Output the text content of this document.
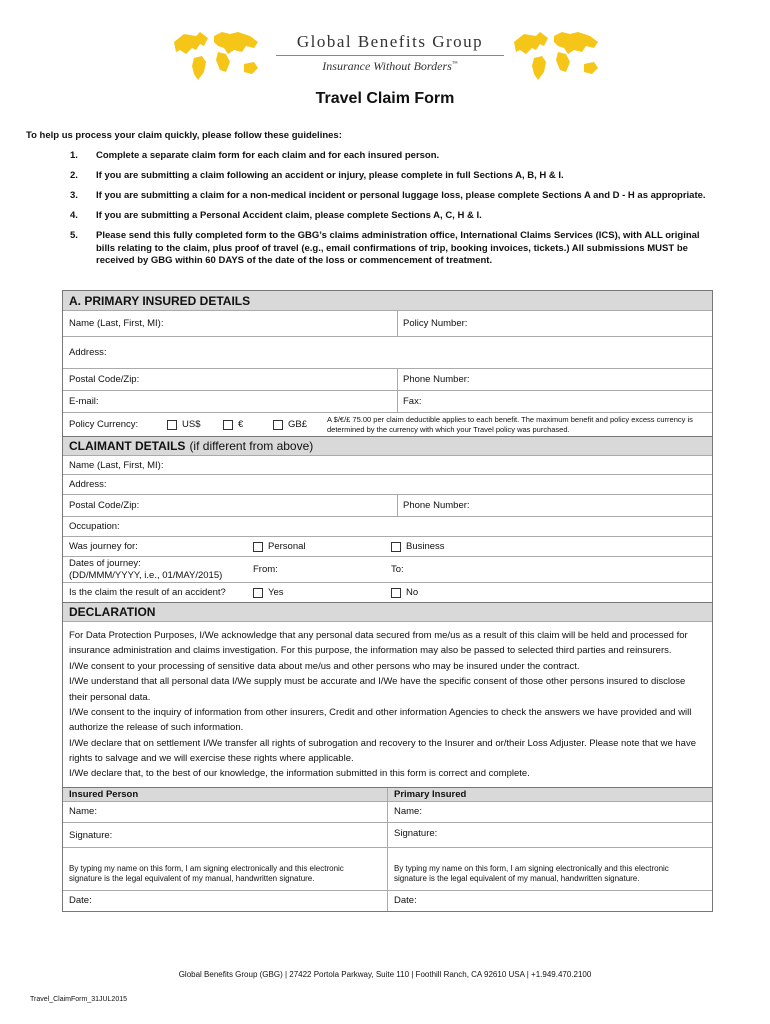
Global Benefits Group
Insurance Without Borders™
Travel Claim Form
To help us process your claim quickly, please follow these guidelines:
1.	Complete a separate claim form for each claim and for each insured person.
2.	If you are submitting a claim following an accident or injury, please complete in full Sections A, B, H & I.
3.	If you are submitting a claim for a non-medical incident or personal luggage loss, please complete Sections A and D - H as appropriate.
4.	If you are submitting a Personal Accident claim, please complete Sections A, C, H & I.
5.	Please send this fully completed form to the GBG’s claims administration office, International Claims Services (ICS), with ALL original bills relating to the claim, plus proof of travel (e.g., email confirmations of trip, booking invoices, tickets.) All submissions MUST be received by GBG within 60 DAYS of the date of the loss or commencement of treatment.
A. PRIMARY INSURED DETAILS
Name (Last, First, MI):	Policy Number:
Address:
Postal Code/Zip:	Phone Number:
E-mail:	Fax:
Policy Currency:	US$	€	GB£	A $/€/£ 75.00 per claim deductible applies to each benefit. The maximum benefit and policy excess currency is determined by the currency with which your Travel policy was purchased.
CLAIMANT DETAILS (if different from above)
Name (Last, First, MI):
Address:
Postal Code/Zip:	Phone Number:
Occupation:
Was journey for:	Personal	Business
Dates of journey:
(DD/MMM/YYYY, i.e., 01/MAY/2015)	From:	To:
Is the claim the result of an accident?	Yes	No
DECLARATION
For Data Protection Purposes, I/We acknowledge that any personal data secured from me/us as a result of this claim will be held and processed for insurance administration and claims investigation. For this purpose, the information may also be passed to selected third parties and reinsurers.
I/We consent to your processing of sensitive data about me/us and other persons who may be insured under the contract.
I/We understand that all personal data I/We supply must be accurate and I/We have the specific consent of those other persons insured to disclose their personal data.
I/We consent to the inquiry of information from other insurers, Credit and other information Agencies to check the answers we have provided and will authorize the release of such information.
I/We declare that on settlement I/We transfer all rights of subrogation and recovery to the Insurer and or/their Loss Adjuster. Please note that we have rights to salvage and we will exercise these rights where applicable.
I/We declare that, to the best of our knowledge, the information submitted in this form is correct and complete.
Insured Person	Primary Insured
Name:	Name:
Signature:	Signature:
By typing my name on this form, I am signing electronically and this electronic signature is the legal equivalent of my manual, handwritten signature.
By typing my name on this form, I am signing electronically and this electronic signature is the legal equivalent of my manual, handwritten signature.
Date:	Date:
Global Benefits Group (GBG) | 27422 Portola Parkway, Suite 110 | Foothill Ranch, CA 92610 USA | +1.949.470.2100
Travel_ClaimForm_31JUL2015
